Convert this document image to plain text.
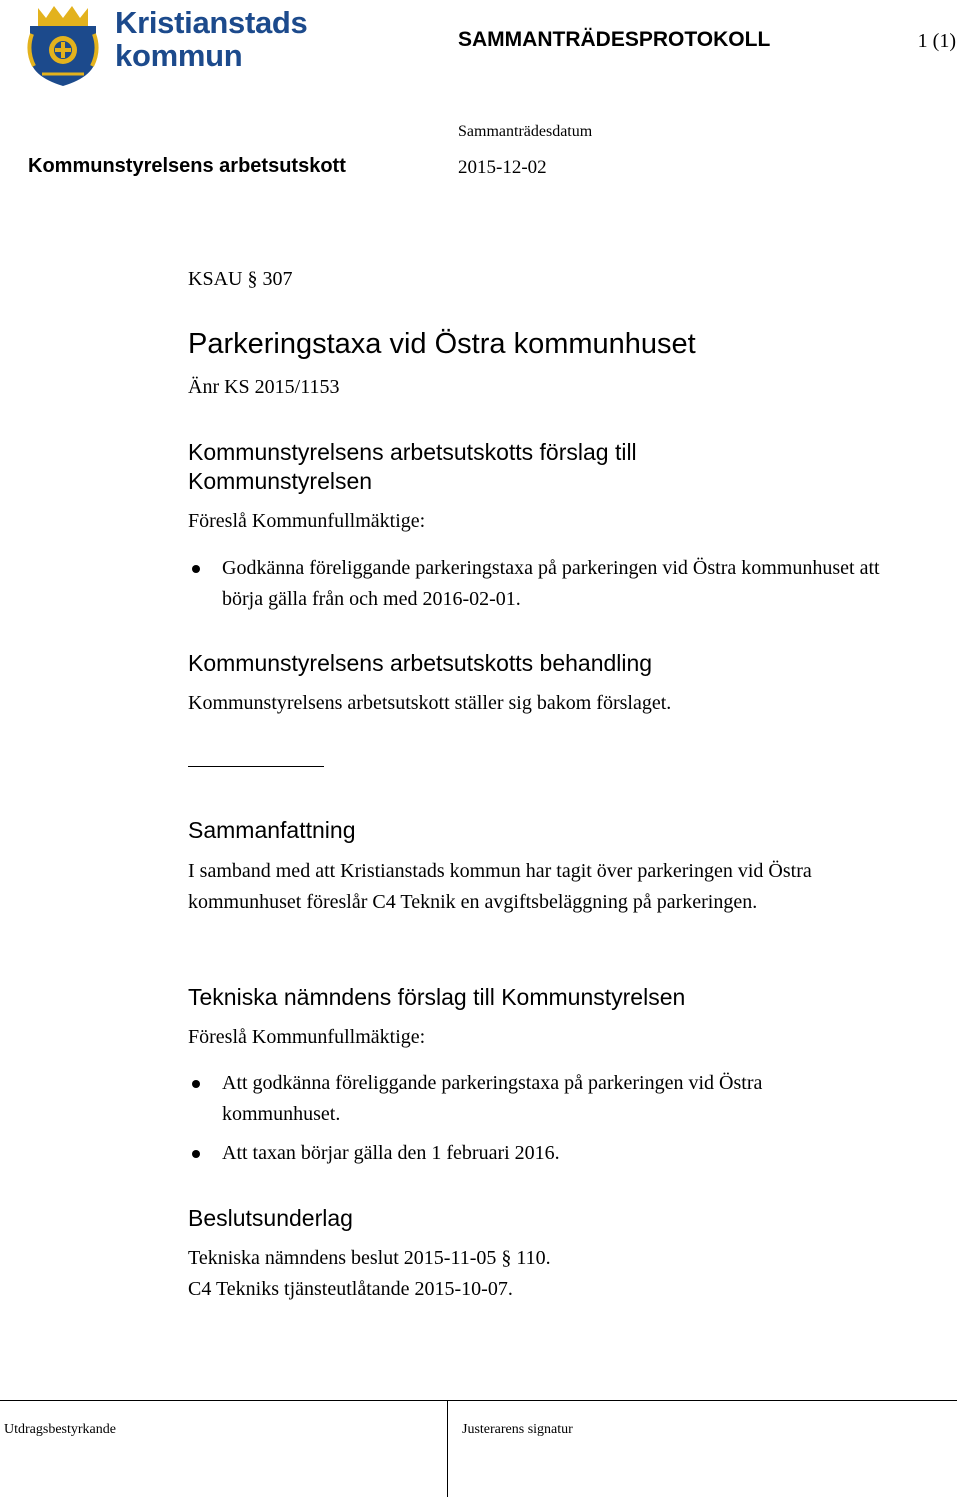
Kristianstads
kommun	SAMMANTRÄDESPROTOKOLL	1 (1)
Sammanträdesdatum
Kommunstyrelsens arbetsutskott	2015-12-02
KSAU § 307
Parkeringstaxa vid Östra kommunhuset
Änr KS 2015/1153
Kommunstyrelsens arbetsutskotts förslag till
Kommunstyrelsen
Föreslå Kommunfullmäktige:
Godkänna föreliggande parkeringstaxa på parkeringen vid Östra kommunhuset att börja gälla från och med 2016-02-01.
Kommunstyrelsens arbetsutskotts behandling
Kommunstyrelsens arbetsutskott ställer sig bakom förslaget.
Sammanfattning
I samband med att Kristianstads kommun har tagit över parkeringen vid Östra kommunhuset föreslår C4 Teknik en avgiftsbeläggning på parkeringen.
Tekniska nämndens förslag till Kommunstyrelsen
Föreslå Kommunfullmäktige:
Att godkänna föreliggande parkeringstaxa på parkeringen vid Östra kommunhuset.
Att taxan börjar gälla den 1 februari 2016.
Beslutsunderlag
Tekniska nämndens beslut 2015-11-05 § 110.
C4 Tekniks tjänsteutlåtande 2015-10-07.
Utdragsbestyrkande	Justerarens signatur
